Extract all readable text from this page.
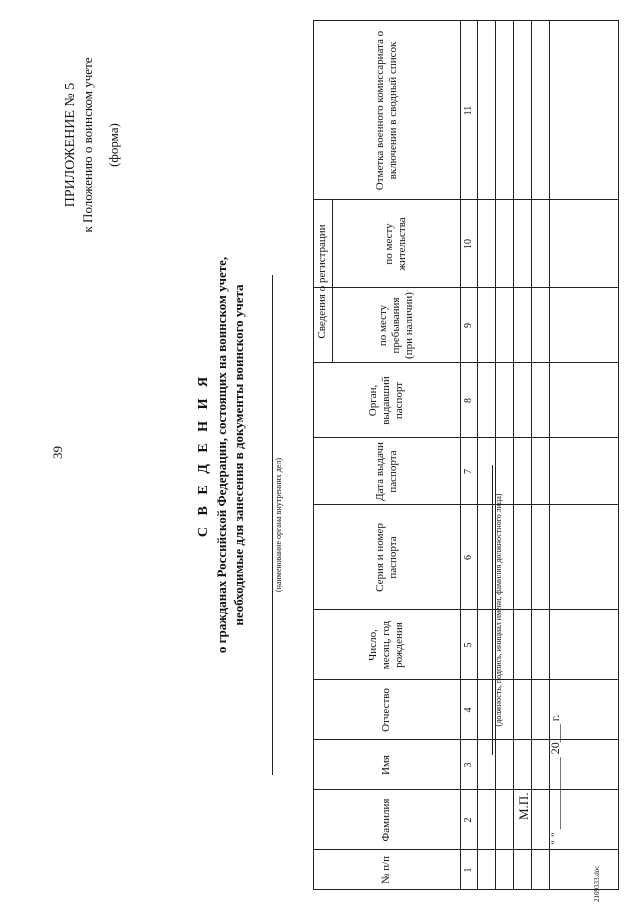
39
ПРИЛОЖЕНИЕ № 5 к Положению о воинском учете (форма)
С В Е Д Е Н И Я о гражданах Российской Федерации, состоящих на воинском учете, необходимые для занесения в документы воинского учета	(наименование органа внутренних дел)
№ п/п
Фамилия
Имя
Отчество
Число, месяц, год рождения
Серия и номер паспорта
Дата выдачи паспорта
Орган, выдавший паспорт
Сведения о регистрации	по месту пребывания (при наличии)
по месту жительства
Отметка военного комиссариата о включении в сводный список
1
2
3
4
5
6
7
8
9
10
11
(должность, подпись, инициал имени, фамилия должностного лица)
М.П. " " ____________ 20___ г.
2109333.doc
